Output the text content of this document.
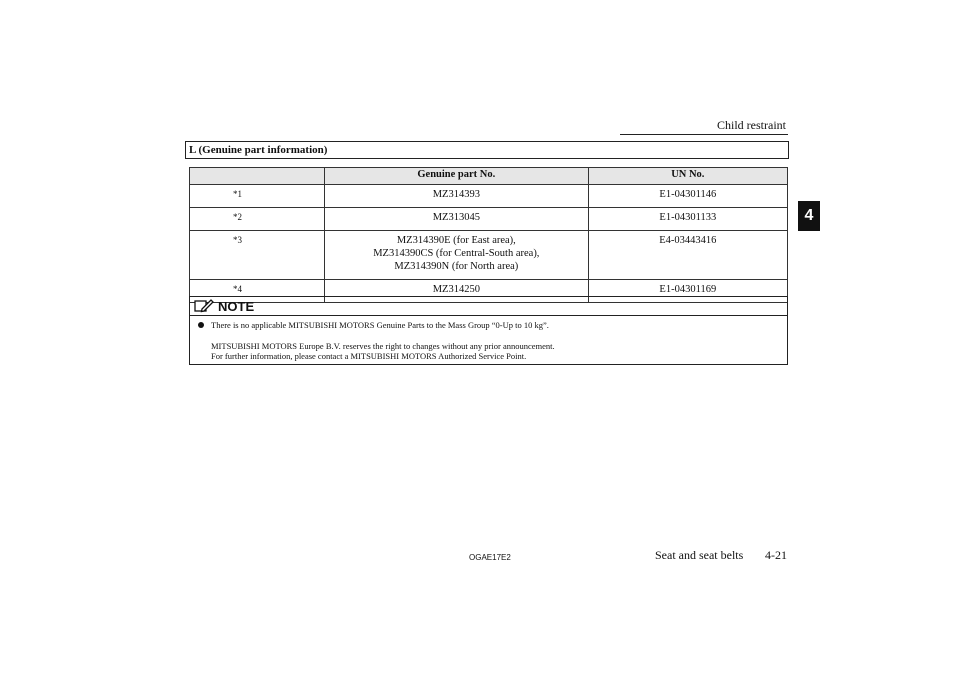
Child restraint
4
L (Genuine part information)
	Genuine part No.	UN No.
*1	MZ314393	E1-04301146
*2	MZ313045	E1-04301133
*3	MZ314390E (for East area),
MZ314390CS (for Central-South area),
MZ314390N (for North area)	E4-03443416
*4	MZ314250	E1-04301169
NOTE
There is no applicable MITSUBISHI MOTORS Genuine Parts to the Mass Group “0-Up to 10 kg”.
MITSUBISHI MOTORS Europe B.V. reserves the right to changes without any prior announcement.
For further information, please contact a MITSUBISHI MOTORS Authorized Service Point.
OGAE17E2	Seat and seat belts 4-21
